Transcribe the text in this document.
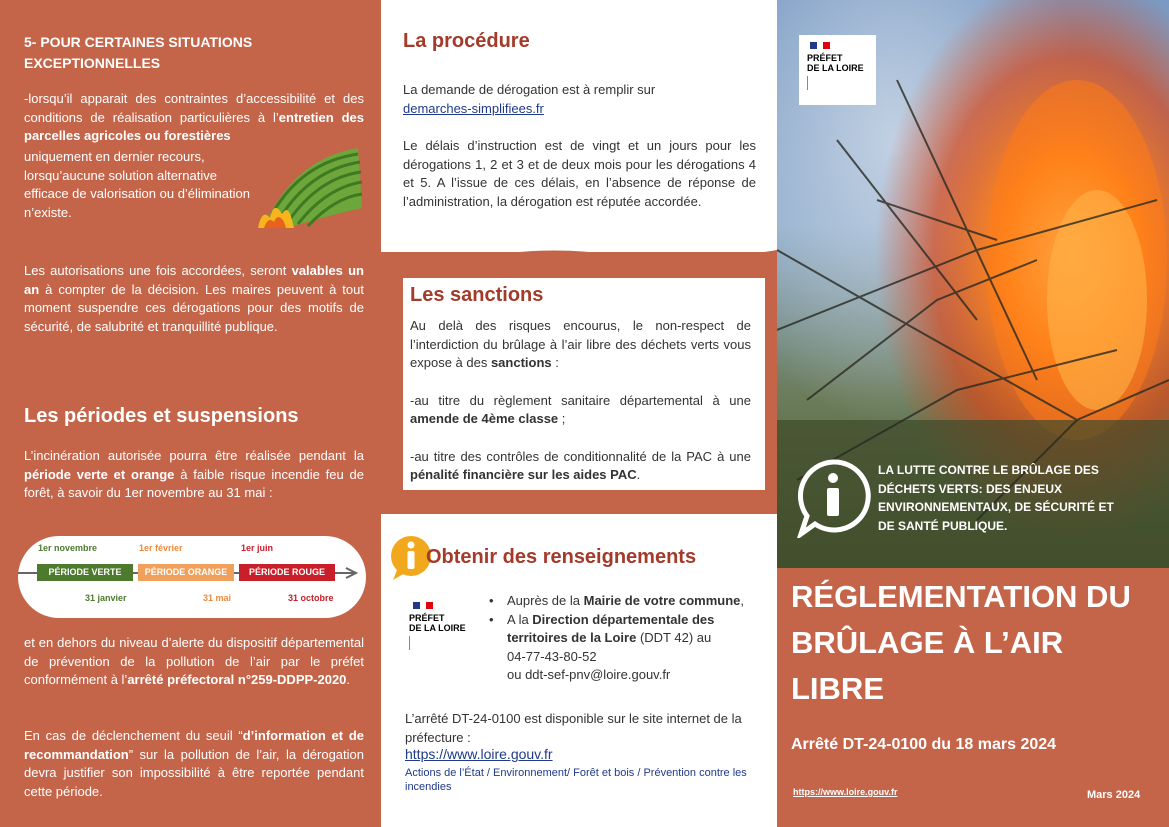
5- POUR CERTAINES SITUATIONS EXCEPTIONNELLES

-lorsqu’il apparait des contraintes d’accessibilité et des conditions de réalisation particulières à l’entretien des parcelles agricoles ou forestières

uniquement en dernier recours, lorsqu’aucune solution alternative efficace de valorisation ou d’élimination n’existe.

Les autorisations une fois accordées, seront valables un an à compter de la décision. Les maires peuvent à tout moment suspendre ces dérogations pour des motifs de sécurité, de salubrité et tranquillité publique.

Les périodes et suspensions

L’incinération autorisée pourra être réalisée pendant la période verte et orange à faible risque incendie feu de forêt, à savoir du 1er novembre au 31 mai :

1er novembre	1er février	1er juin
PÉRIODE VERTE	PÉRIODE ORANGE	PÉRIODE ROUGE
31 janvier	31 mai	31 octobre

et en dehors du niveau d’alerte du dispositif départemental de prévention de la pollution de l’air par le préfet conformément à l’arrêté préfectoral n°259-DDPP-2020.

En cas de déclenchement du seuil “d’information et de recommandation” sur la pollution de l’air, la dérogation devra justifier son impossibilité à être reportée pendant cette période.

La procédure

La demande de dérogation est à remplir sur
demarches-simplifiees.fr

Le délais d’instruction est de vingt et un jours pour les dérogations 1, 2 et 3 et de deux mois pour les dérogations 4 et 5. A l’issue de ces délais, en l’absence de réponse de l’administration, la dérogation est réputée accordée.

Les sanctions

Au delà des risques encourus, le non-respect de l’interdiction du brûlage à l’air libre des déchets verts vous expose à des sanctions :

-au titre du règlement sanitaire départemental à une amende de 4ème classe ;

-au titre des contrôles de conditionnalité de la PAC à une pénalité financière sur les aides PAC.

Obtenir des renseignements
PRÉFET
DE LA LOIRE
• Auprès de la Mairie de votre commune,
• A la Direction départementale des territoires de la Loire (DDT 42) au
04-77-43-80-52
ou ddt-sef-pnv@loire.gouv.fr

L’arrêté DT-24-0100 est disponible sur le site internet de la préfecture :

https://www.loire.gouv.fr

Actions de l’État / Environnement/ Forêt et bois / Prévention contre les incendies

PRÉFET
DE LA LOIRE

LA LUTTE CONTRE LE BRÛLAGE DES DÉCHETS VERTS: DES ENJEUX ENVIRONNEMENTAUX, DE SÉCURITÉ ET DE SANTÉ PUBLIQUE.

RÉGLEMENTATION DU BRÛLAGE À L’AIR LIBRE
Arrêté DT-24-0100 du 18 mars 2024
https://www.loire.gouv.fr	Mars 2024
